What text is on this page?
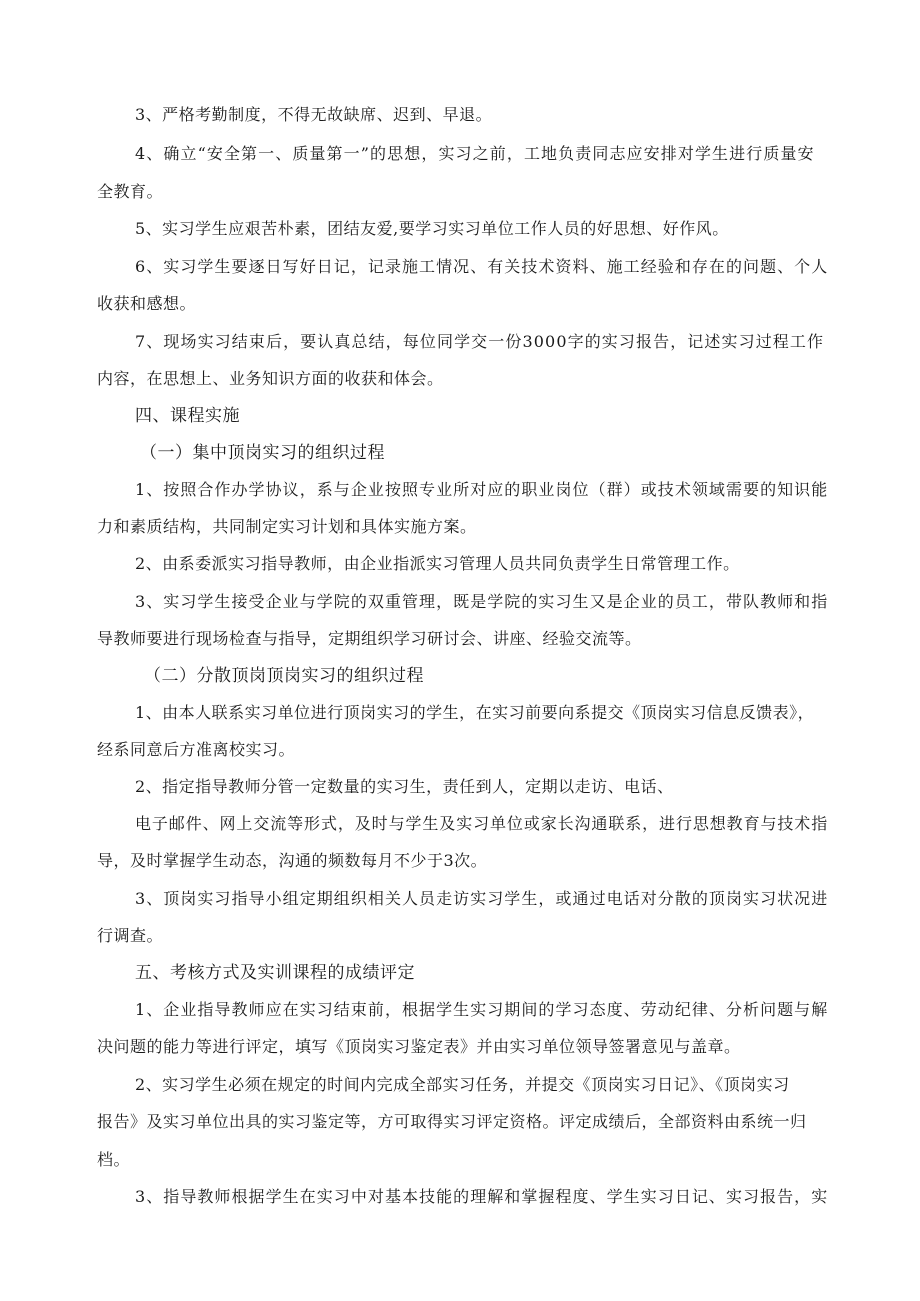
3、严格考勤制度，不得无故缺席、迟到、早退。
4、确立“安全第一、质量第一”的思想，实习之前，工地负责同志应安排对学生进行质量安
全教育。
5、实习学生应艰苦朴素，团结友爱,要学习实习单位工作人员的好思想、好作风。
6、实习学生要逐日写好日记，记录施工情况、有关技术资料、施工经验和存在的问题、个人
收获和感想。
7、现场实习结束后，要认真总结，每位同学交一份3000字的实习报告，记述实习过程工作
内容，在思想上、业务知识方面的收获和体会。
四、课程实施
（一）集中顶岗实习的组织过程
1、按照合作办学协议，系与企业按照专业所对应的职业岗位（群）或技术领域需要的知识能
力和素质结构，共同制定实习计划和具体实施方案。
2、由系委派实习指导教师，由企业指派实习管理人员共同负责学生日常管理工作。
3、实习学生接受企业与学院的双重管理，既是学院的实习生又是企业的员工，带队教师和指
导教师要进行现场检查与指导，定期组织学习研讨会、讲座、经验交流等。
（二）分散顶岗顶岗实习的组织过程
1、由本人联系实习单位进行顶岗实习的学生，在实习前要向系提交《顶岗实习信息反馈表》，
经系同意后方准离校实习。
2、指定指导教师分管一定数量的实习生，责任到人，定期以走访、电话、
电子邮件、网上交流等形式，及时与学生及实习单位或家长沟通联系，进行思想教育与技术指
导，及时掌握学生动态，沟通的频数每月不少于3次。
3、顶岗实习指导小组定期组织相关人员走访实习学生，或通过电话对分散的顶岗实习状况进
行调查。
五、考核方式及实训课程的成绩评定
1、企业指导教师应在实习结束前，根据学生实习期间的学习态度、劳动纪律、分析问题与解
决问题的能力等进行评定，填写《顶岗实习鉴定表》并由实习单位领导签署意见与盖章。
2、实习学生必须在规定的时间内完成全部实习任务，并提交《顶岗实习日记》、《顶岗实习
报告》及实习单位出具的实习鉴定等，方可取得实习评定资格。评定成绩后，全部资料由系统一归
档。
3、指导教师根据学生在实习中对基本技能的理解和掌握程度、学生实习日记、实习报告，实
